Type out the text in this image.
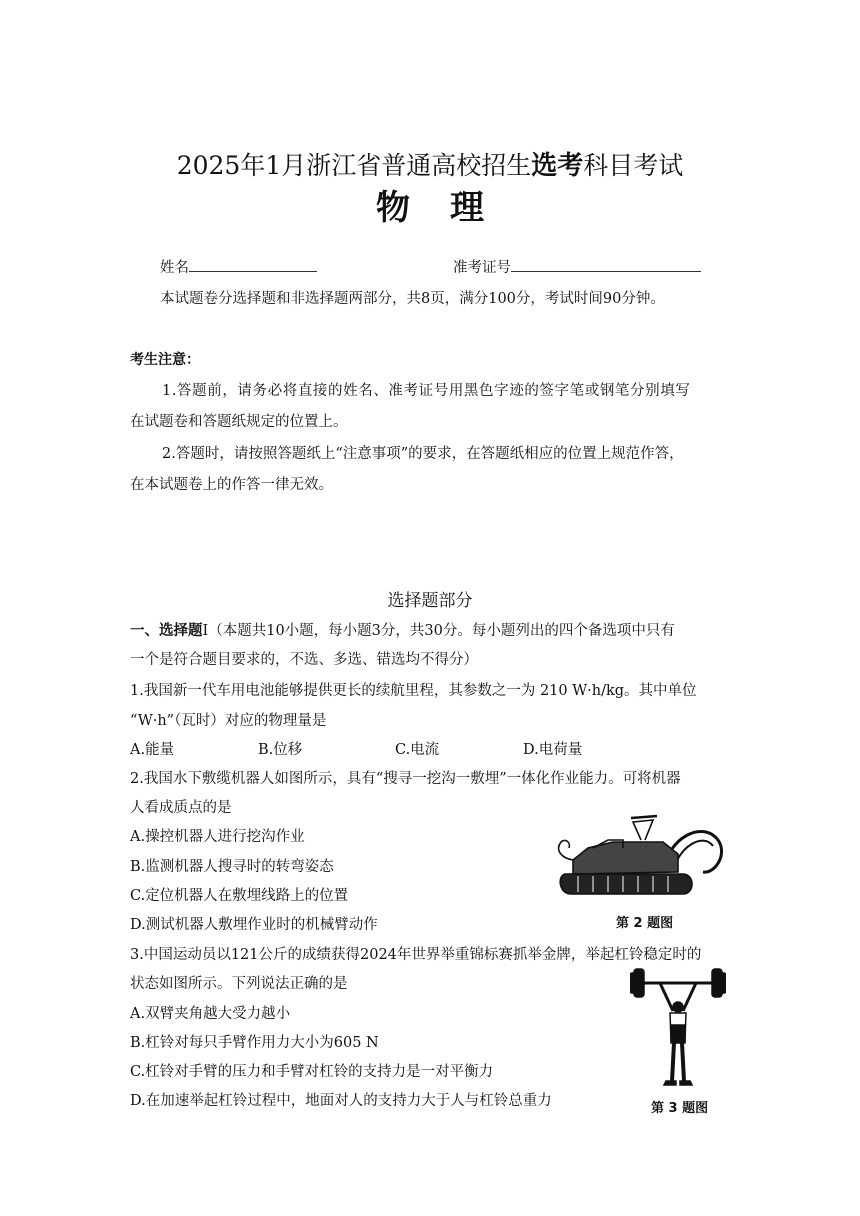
2025年1月浙江省普通高校招生选考科目考试
物理
姓名	准考证号
本试题卷分选择题和非选择题两部分，共8页，满分100分，考试时间90分钟。
考生注意：
1.答题前，请务必将直接的姓名、准考证号用黑色字迹的签字笔或钢笔分别填写
在试题卷和答题纸规定的位置上。
2.答题时，请按照答题纸上“注意事项”的要求，在答题纸相应的位置上规范作答，
在本试题卷上的作答一律无效。
选择题部分
一、选择题I（本题共10小题，每小题3分，共30分。每小题列出的四个备选项中只有
一个是符合题目要求的，不选、多选、错选均不得分）
1.我国新一代车用电池能够提供更长的续航里程，其参数之一为 210 W·h/kg。其中单位
“W·h”（瓦时）对应的物理量是
A.能量	B.位移	C.电流	D.电荷量
2.我国水下敷缆机器人如图所示，具有“搜寻一挖沟一敷埋”一体化作业能力。可将机器
人看成质点的是
A.操控机器人进行挖沟作业
B.监测机器人搜寻时的转弯姿态
C.定位机器人在敷埋线路上的位置
D.测试机器人敷埋作业时的机械臂动作	第 2 题图
3.中国运动员以121公斤的成绩获得2024年世界举重锦标赛抓举金牌，举起杠铃稳定时的
状态如图所示。下列说法正确的是
A.双臂夹角越大受力越小
B.杠铃对每只手臂作用力大小为605 N
C.杠铃对手臂的压力和手臂对杠铃的支持力是一对平衡力
D.在加速举起杠铃过程中，地面对人的支持力大于人与杠铃总重力	第 3 题图
